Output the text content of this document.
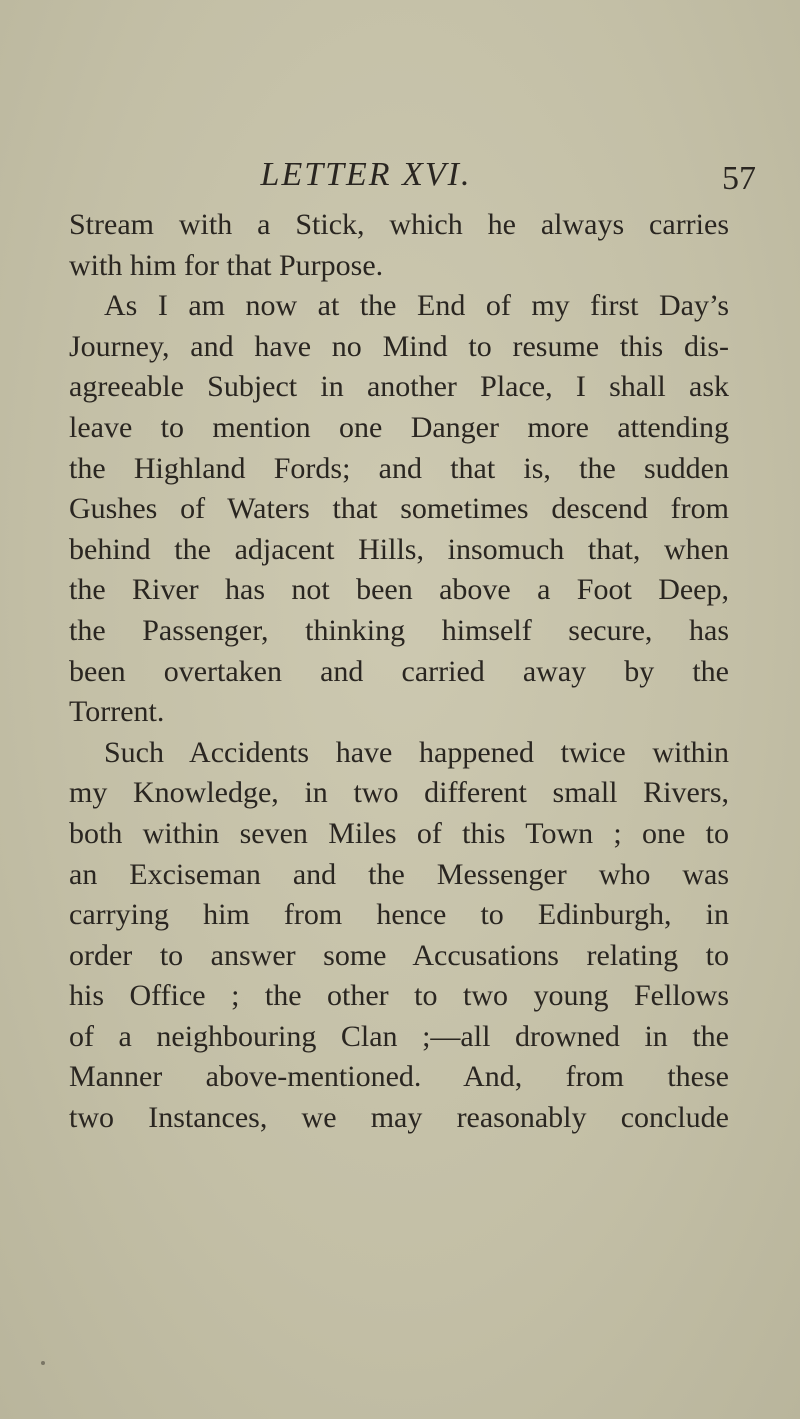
LETTER XVI.	57
Stream with a Stick, which he always carries
with him for that Purpose.
As I am now at the End of my first Day’s
Journey, and have no Mind to resume this dis-
agreeable Subject in another Place, I shall ask
leave to mention one Danger more attending
the Highland Fords; and that is, the sudden
Gushes of Waters that sometimes descend from
behind the adjacent Hills, insomuch that, when
the River has not been above a Foot Deep,
the Passenger, thinking himself secure, has
been overtaken and carried away by the
Torrent.
Such Accidents have happened twice within
my Knowledge, in two different small Rivers,
both within seven Miles of this Town ; one to
an Exciseman and the Messenger who was
carrying him from hence to Edinburgh, in
order to answer some Accusations relating to
his Office ; the other to two young Fellows
of a neighbouring Clan ;—all drowned in the
Manner above-mentioned. And, from these
two Instances, we may reasonably conclude
